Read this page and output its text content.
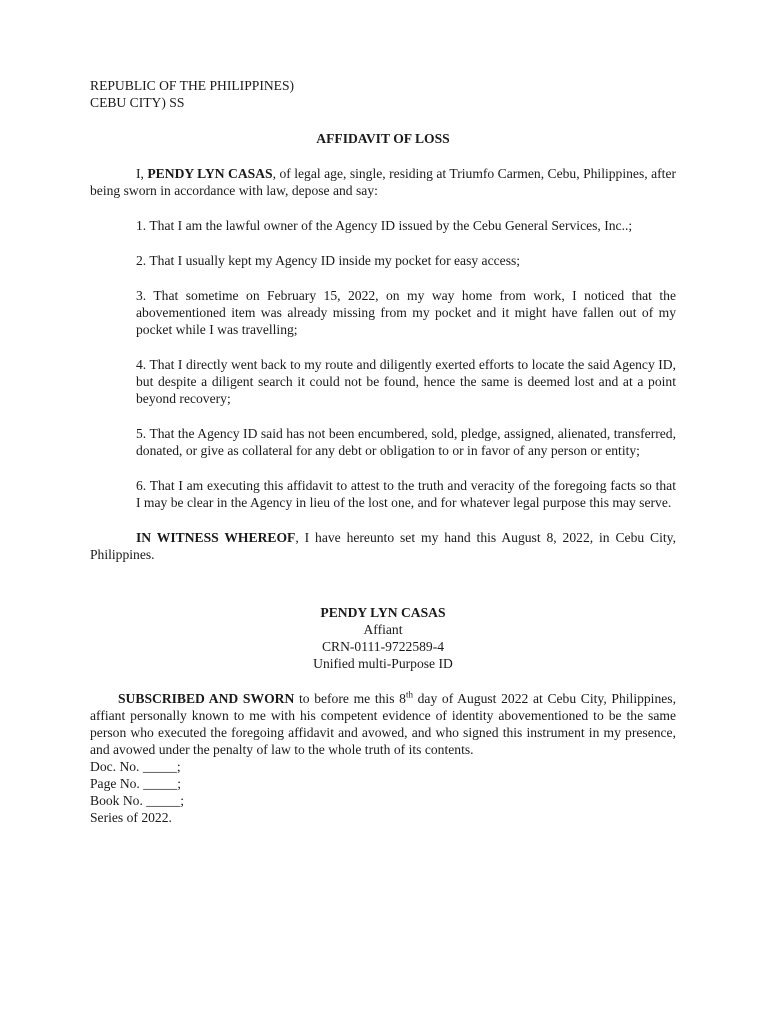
REPUBLIC OF THE PHILIPPINES)

CEBU CITY) SS

AFFIDAVIT OF LOSS

I, PENDY LYN CASAS, of legal age, single, residing at Triumfo Carmen, Cebu, Philippines, after being sworn in accordance with law, depose and say:

1. That I am the lawful owner of the Agency ID issued by the Cebu General Services, Inc..;

2. That I usually kept my Agency ID inside my pocket for easy access;

3. That sometime on February 15, 2022, on my way home from work, I noticed that the abovementioned item was already missing from my pocket and it might have fallen out of my pocket while I was travelling;

4. That I directly went back to my route and diligently exerted efforts to locate the said Agency ID, but despite a diligent search it could not be found, hence the same is deemed lost and at a point beyond recovery;

5. That the Agency ID said has not been encumbered, sold, pledge, assigned, alienated, transferred, donated, or give as collateral for any debt or obligation to or in favor of any person or entity;

6. That I am executing this affidavit to attest to the truth and veracity of the foregoing facts so that I may be clear in the Agency in lieu of the lost one, and for whatever legal purpose this may serve.

IN WITNESS WHEREOF, I have hereunto set my hand this August 8, 2022, in Cebu City, Philippines.

PENDY LYN CASAS

Affiant

CRN-0111-9722589-4

Unified multi-Purpose ID

SUBSCRIBED AND SWORN to before me this 8th day of August 2022 at Cebu City, Philippines, affiant personally known to me with his competent evidence of identity abovementioned to be the same person who executed the foregoing affidavit and avowed, and who signed this instrument in my presence, and avowed under the penalty of law to the whole truth of its contents.

Doc. No. _____;

Page No. _____;

Book No. _____;

Series of 2022.
